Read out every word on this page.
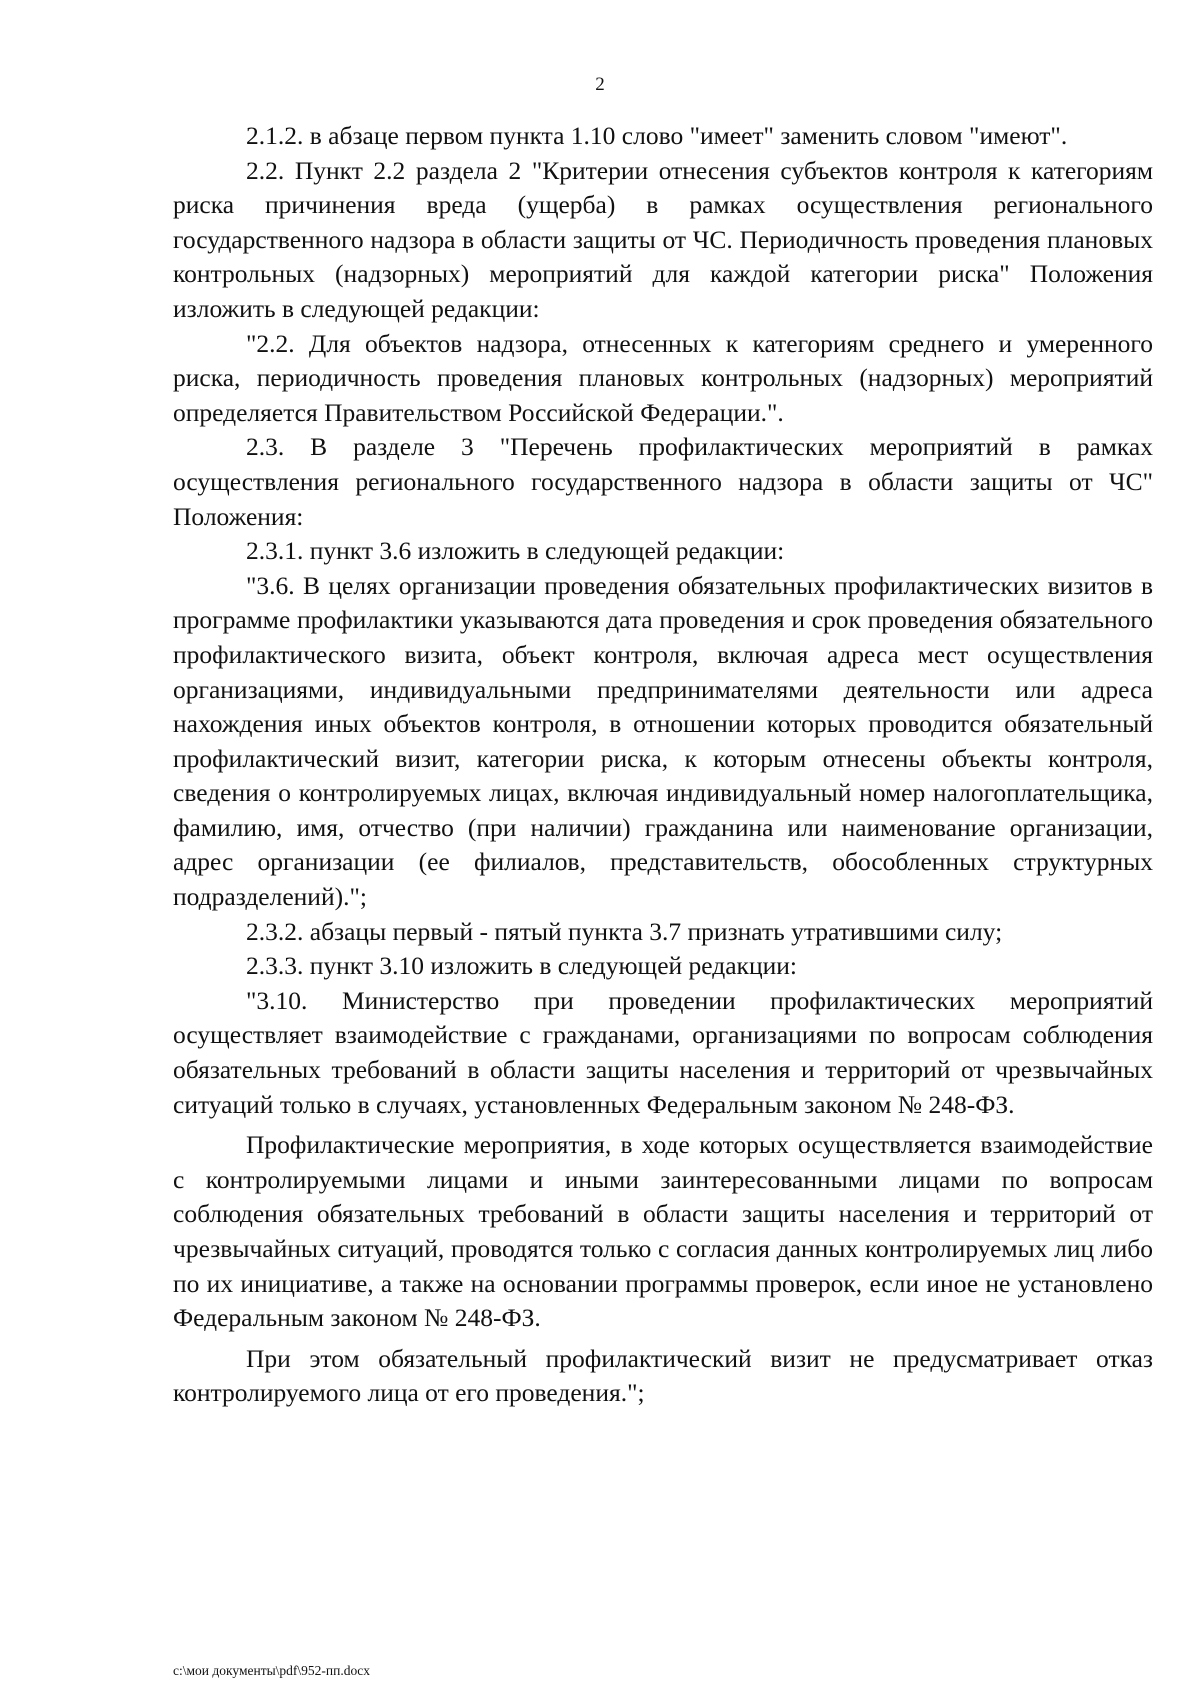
2

2.1.2. в абзаце первом пункта 1.10 слово "имеет" заменить словом "имеют".

2.2. Пункт 2.2 раздела 2 "Критерии отнесения субъектов контроля к категориям риска причинения вреда (ущерба) в рамках осуществления регионального государственного надзора в области защиты от ЧС. Периодичность проведения плановых контрольных (надзорных) мероприятий для каждой категории риска" Положения изложить в следующей редакции:

"2.2. Для объектов надзора, отнесенных к категориям среднего и умеренного риска, периодичность проведения плановых контрольных (надзорных) мероприятий определяется Правительством Российской Федерации.".

2.3. В разделе 3 "Перечень профилактических мероприятий в рамках осуществления регионального государственного надзора в области защиты от ЧС" Положения:

2.3.1. пункт 3.6 изложить в следующей редакции:

"3.6. В целях организации проведения обязательных профилактических визитов в программе профилактики указываются дата проведения и срок проведения обязательного профилактического визита, объект контроля, включая адреса мест осуществления организациями, индивидуальными предпринимателями деятельности или адреса нахождения иных объектов контроля, в отношении которых проводится обязательный профилактический визит, категории риска, к которым отнесены объекты контроля, сведения о контролируемых лицах, включая индивидуальный номер налогоплательщика, фамилию, имя, отчество (при наличии) гражданина или наименование организации, адрес организации (ее филиалов, представительств, обособленных структурных подразделений).";

2.3.2. абзацы первый - пятый пункта 3.7 признать утратившими силу;

2.3.3. пункт 3.10 изложить в следующей редакции:

"3.10. Министерство при проведении профилактических мероприятий осуществляет взаимодействие с гражданами, организациями по вопросам соблюдения обязательных требований в области защиты населения и территорий от чрезвычайных ситуаций только в случаях, установленных Федеральным законом № 248-ФЗ.

Профилактические мероприятия, в ходе которых осуществляется взаимодействие с контролируемыми лицами и иными заинтересованными лицами по вопросам соблюдения обязательных требований в области защиты населения и территорий от чрезвычайных ситуаций, проводятся только с согласия данных контролируемых лиц либо по их инициативе, а также на основании программы проверок, если иное не установлено Федеральным законом № 248-ФЗ.

При этом обязательный профилактический визит не предусматривает отказ контролируемого лица от его проведения.";

c:\мои документы\pdf\952-пп.docx
